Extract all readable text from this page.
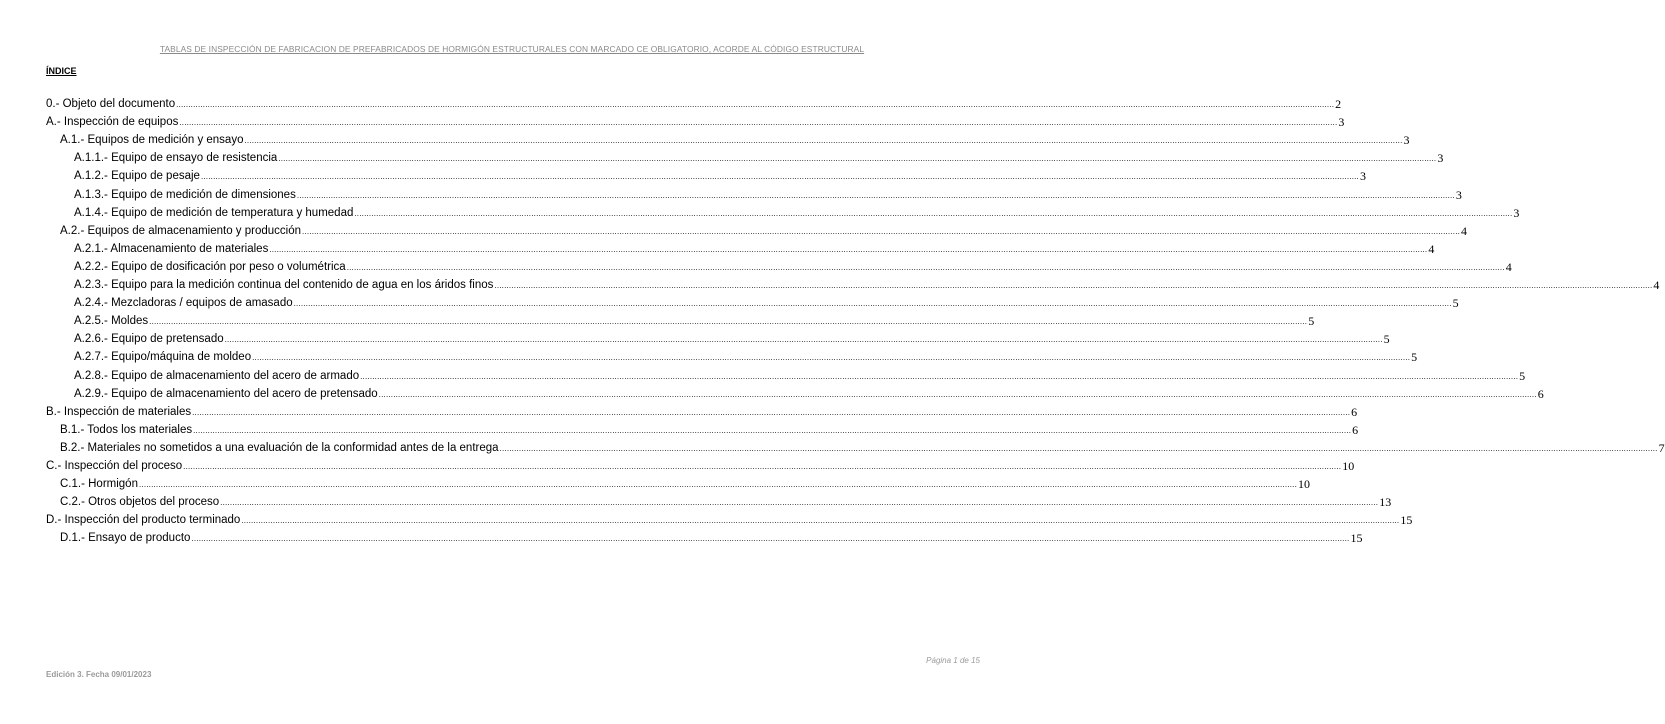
TABLAS DE INSPECCIÓN DE FABRICACION DE PREFABRICADOS DE HORMIGÓN ESTRUCTURALES CON MARCADO CE OBLIGATORIO, ACORDE AL CÓDIGO ESTRUCTURAL
ÍNDICE
0.- Objeto del documento .............................................................................................................................................................................................................................................................................................................................................................................................................................................................................................. 2
A.- Inspección de equipos .............................................................................................................................................................................................................................................................................................................................................................................................................................................................................................. 3
A.1.- Equipos de medición y ensayo .............................................................................................................................................................................................................................................................................................................................................................................................................................................................................................. 3
A.1.1.- Equipo de ensayo de resistencia .............................................................................................................................................................................................................................................................................................................................................................................................................................................................................................. 3
A.1.2.- Equipo de pesaje .............................................................................................................................................................................................................................................................................................................................................................................................................................................................................................. 3
A.1.3.- Equipo de medición de dimensiones .............................................................................................................................................................................................................................................................................................................................................................................................................................................................................................. 3
A.1.4.- Equipo de medición de temperatura y humedad .............................................................................................................................................................................................................................................................................................................................................................................................................................................................................................. 3
A.2.- Equipos de almacenamiento y producción .............................................................................................................................................................................................................................................................................................................................................................................................................................................................................................. 4
A.2.1.- Almacenamiento de materiales .............................................................................................................................................................................................................................................................................................................................................................................................................................................................................................. 4
A.2.2.- Equipo de dosificación por peso o volumétrica .............................................................................................................................................................................................................................................................................................................................................................................................................................................................................................. 4
A.2.3.- Equipo para la medición continua del contenido de agua en los áridos finos .............................................................................................................................................................................................................................................................................................................................................................................................................................................................................................. 4
A.2.4.- Mezcladoras / equipos de amasado .............................................................................................................................................................................................................................................................................................................................................................................................................................................................................................. 5
A.2.5.- Moldes .............................................................................................................................................................................................................................................................................................................................................................................................................................................................................................. 5
A.2.6.- Equipo de pretensado .............................................................................................................................................................................................................................................................................................................................................................................................................................................................................................. 5
A.2.7.- Equipo/máquina de moldeo .............................................................................................................................................................................................................................................................................................................................................................................................................................................................................................. 5
A.2.8.- Equipo de almacenamiento del acero de armado .............................................................................................................................................................................................................................................................................................................................................................................................................................................................................................. 5
A.2.9.- Equipo de almacenamiento del acero de pretensado .............................................................................................................................................................................................................................................................................................................................................................................................................................................................................................. 6
B.- Inspección de materiales .............................................................................................................................................................................................................................................................................................................................................................................................................................................................................................. 6
B.1.- Todos los materiales .............................................................................................................................................................................................................................................................................................................................................................................................................................................................................................. 6
B.2.- Materiales no sometidos a una evaluación de la conformidad antes de la entrega .............................................................................................................................................................................................................................................................................................................................................................................................................................................................................................. 7
C.- Inspección del proceso .............................................................................................................................................................................................................................................................................................................................................................................................................................................................................................. 10
C.1.- Hormigón .............................................................................................................................................................................................................................................................................................................................................................................................................................................................................................. 10
C.2.- Otros objetos del proceso .............................................................................................................................................................................................................................................................................................................................................................................................................................................................................................. 13
D.- Inspección del producto terminado .............................................................................................................................................................................................................................................................................................................................................................................................................................................................................................. 15
D.1.- Ensayo de producto .............................................................................................................................................................................................................................................................................................................................................................................................................................................................................................. 15
Edición 3. Fecha 09/01/2023
Página 1 de 15
